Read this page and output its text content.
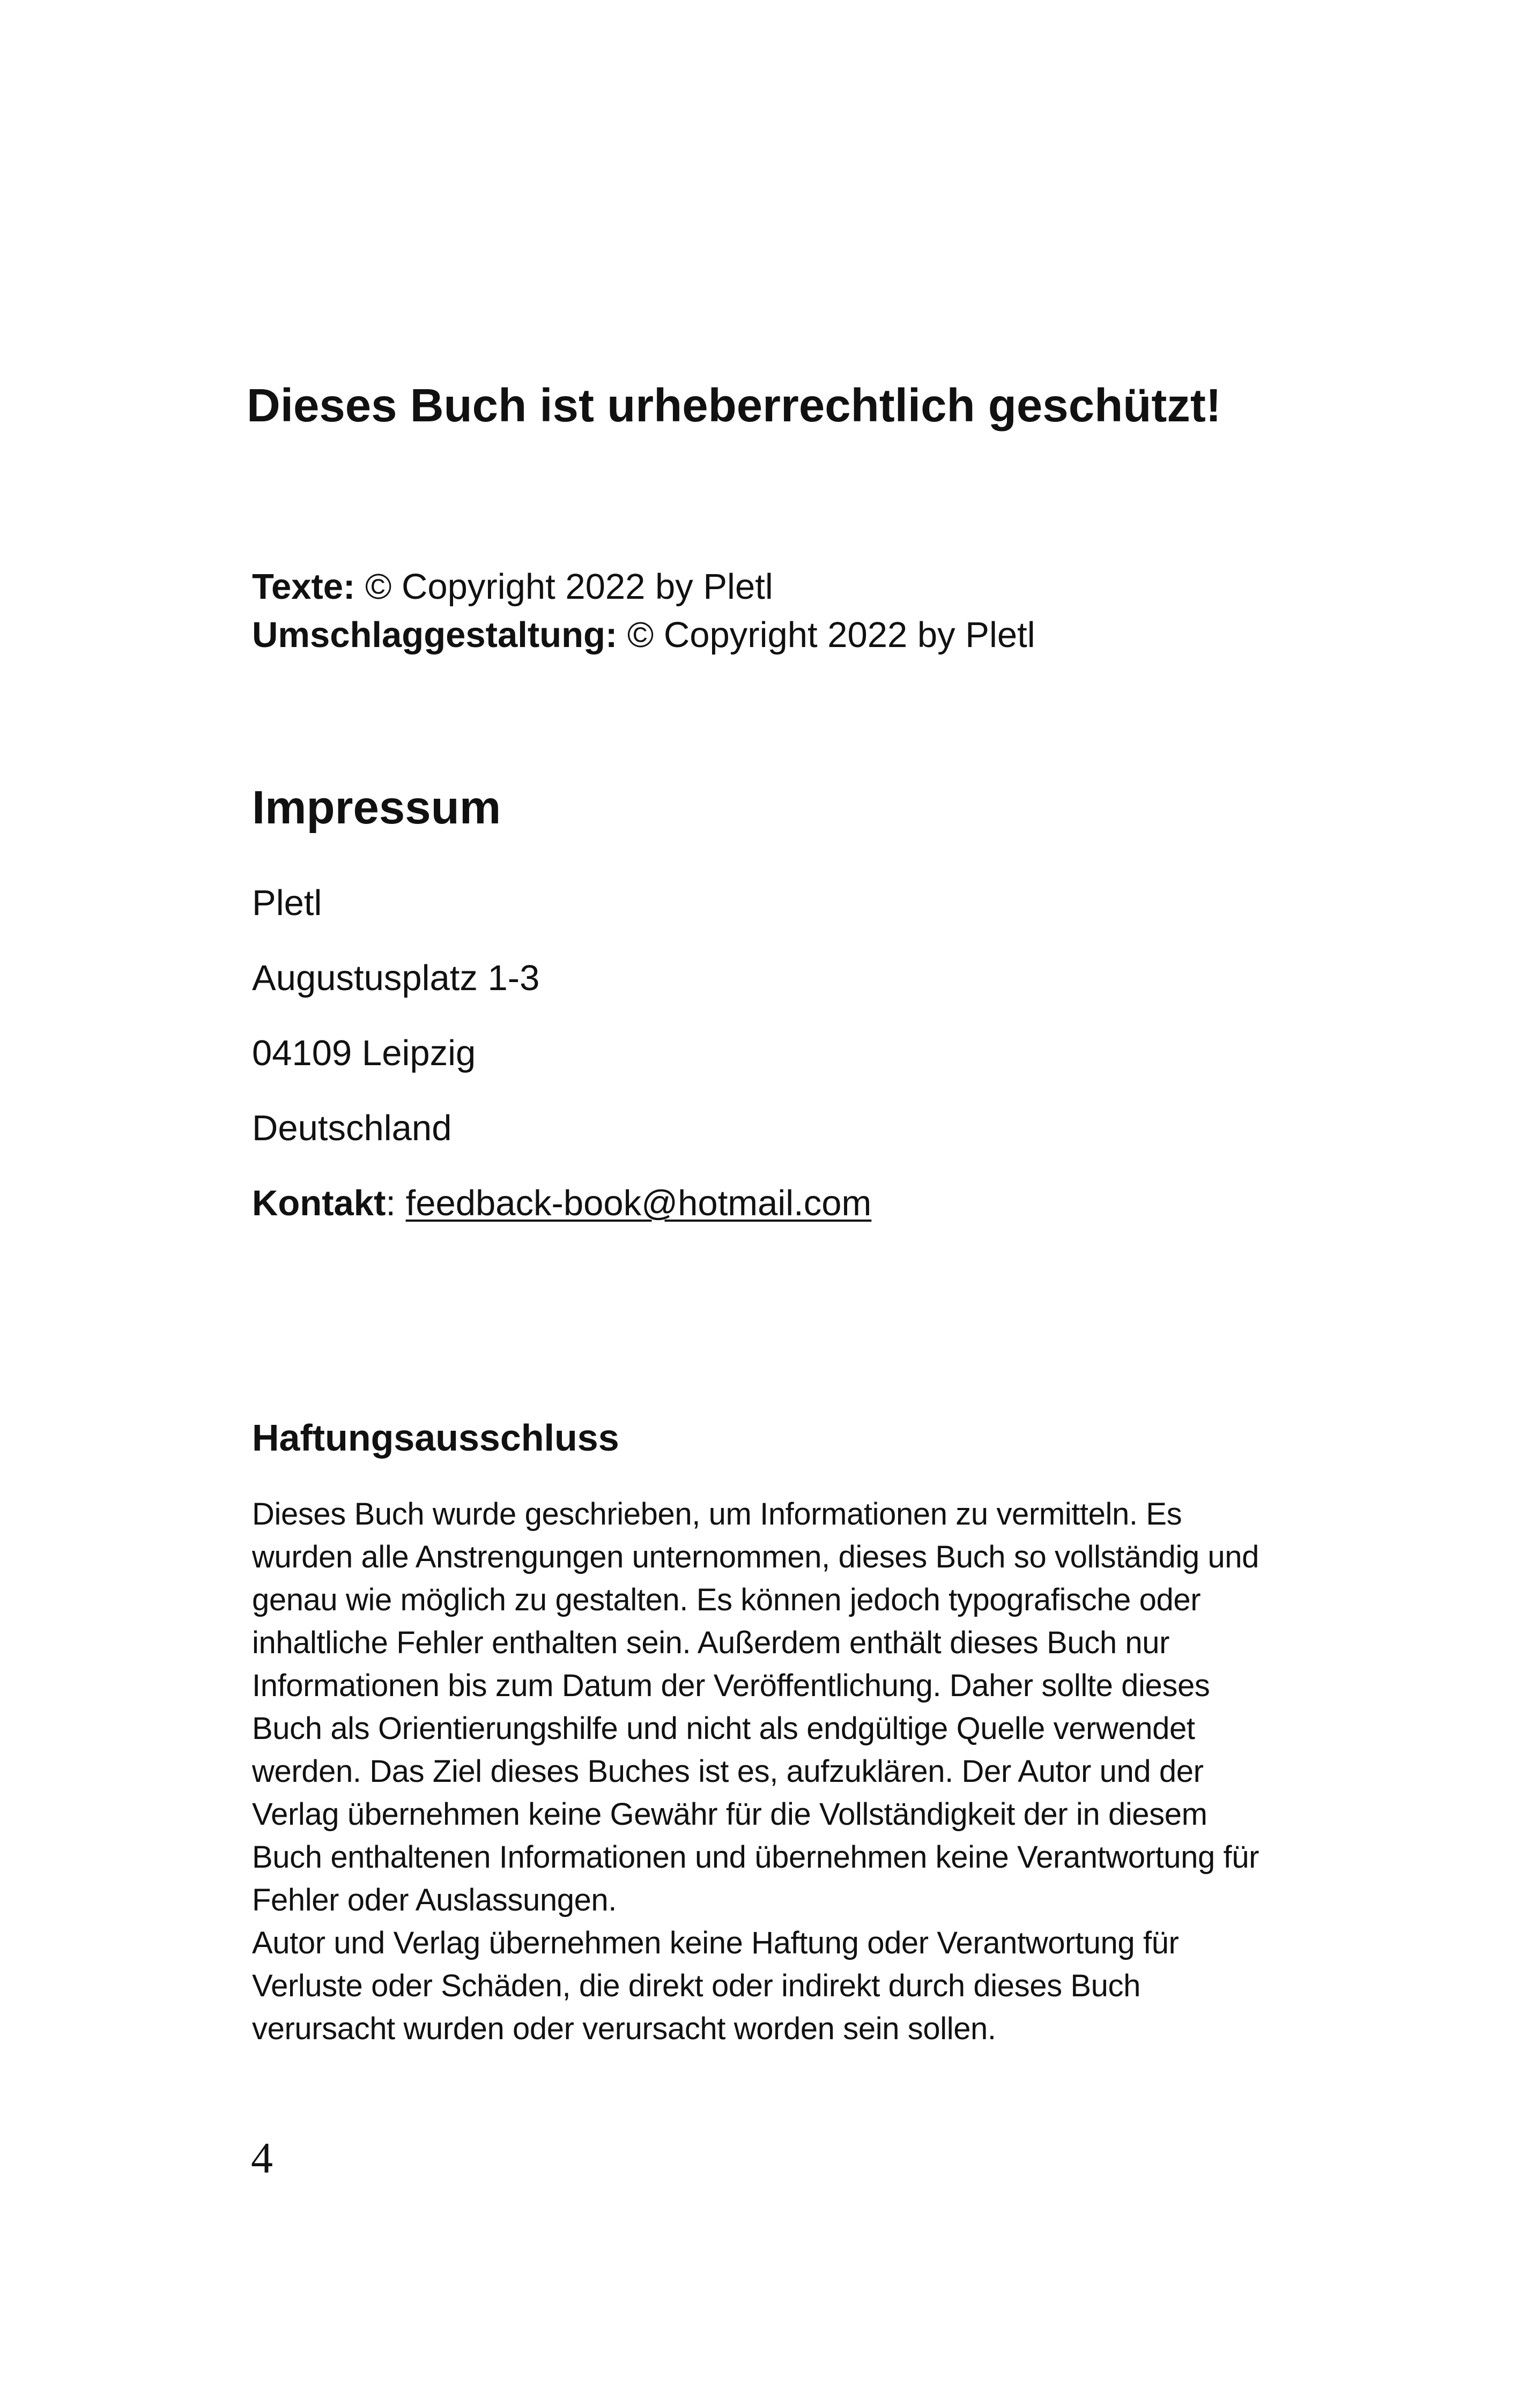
Dieses Buch ist urheberrechtlich geschützt!
Texte: © Copyright 2022 by Pletl
Umschlaggestaltung: © Copyright 2022 by Pletl
Impressum

Pletl

Augustusplatz 1-3

04109 Leipzig

Deutschland

Kontakt: feedback-book@hotmail.com

Haftungsausschluss

Dieses Buch wurde geschrieben, um Informationen zu vermitteln. Es wurden alle Anstrengungen unternommen, dieses Buch so vollständig und genau wie möglich zu gestalten. Es können jedoch typografische oder inhaltliche Fehler enthalten sein. Außerdem enthält dieses Buch nur Informationen bis zum Datum der Veröffentlichung. Daher sollte dieses Buch als Orientierungshilfe und nicht als endgültige Quelle verwendet werden. Das Ziel dieses Buches ist es, aufzuklären. Der Autor und der Verlag übernehmen keine Gewähr für die Vollständigkeit der in diesem Buch enthaltenen Informationen und übernehmen keine Verantwortung für Fehler oder Auslassungen.

Autor und Verlag übernehmen keine Haftung oder Verantwortung für Verluste oder Schäden, die direkt oder indirekt durch dieses Buch verursacht wurden oder verursacht worden sein sollen.

4
